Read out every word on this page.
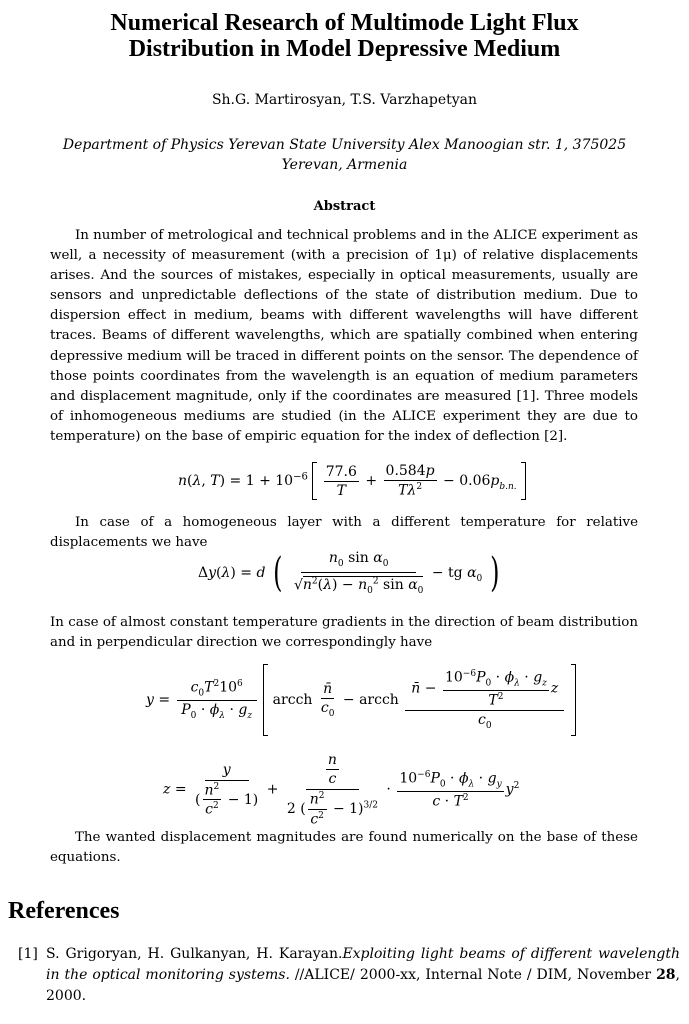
Numerical Research of Multimode Light Flux
Distribution in Model Depressive Medium
Sh.G. Martirosyan, T.S. Varzhapetyan
Department of Physics Yerevan State University Alex Manoogian str. 1, 375025
Yerevan, Armenia
Abstract
In number of metrological and technical problems and in the ALICE experiment as well, a necessity of measurement (with a precision of 1μ) of relative displacements arises. And the sources of mistakes, especially in optical measurements, usually are sensors and unpredictable deflections of the state of distribution medium. Due to dispersion effect in medium, beams with different wavelengths will have different traces. Beams of different wavelengths, which are spatially combined when entering depressive medium will be traced in different points on the sensor. The dependence of those points coordinates from the wavelength is an equation of medium parameters and displacement magnitude, only if the coordinates are measured [1]. Three models of inhomogeneous mediums are studied (in the ALICE experiment they are due to temperature) on the base of empiric equation for the index of deflection [2].
n(λ, $T) = 1 + 10^{-6} \frac{77.6}{T} + \frac{0.584p}{T\lambda^2} - 0.06p_{b.n.}$
In case of a homogeneous layer with a different temperature for relative displacements we have
Δy(λ) = d ( $\frac{n_0 \sin \alpha_0}{√n^2(\lambda) - n_0^2 \sin \alpha_0}$ − tg $\alpha_0$ )
In case of almost constant temperature gradients in the direction of beam distribution and in perpendicular direction we correspondingly have
$y = \frac{c_0T^210^6}{P_0 \cdot \phi_\lambda \cdot g_z}$ arcch $\frac{n̄}{c_0}$ − arcch $\frac{n̄ - \frac{10^{-6}P_0 \cdot \phi_\lambda \cdot g_z}{T^2} z}{c_0}$

$z = \frac{y}{( \frac{n^2}{c^2} - 1)} + \frac{\frac{n}{c}}{2 ( \frac{n^2}{c^2} - 1)^{3/2}} \cdot \frac{10^{-6}P_0 \cdot \phi_\lambda \cdot g_y}{c \cdot T^2} y^2$
The wanted displacement magnitudes are found numerically on the base of these equations.
References
[1] S. Grigoryan, H. Gulkanyan, H. Karayan.Exploiting light beams of different wavelength in the optical monitoring systems. //ALICE/ 2000-xx, Internal Note / DIM, November 28, 2000.
